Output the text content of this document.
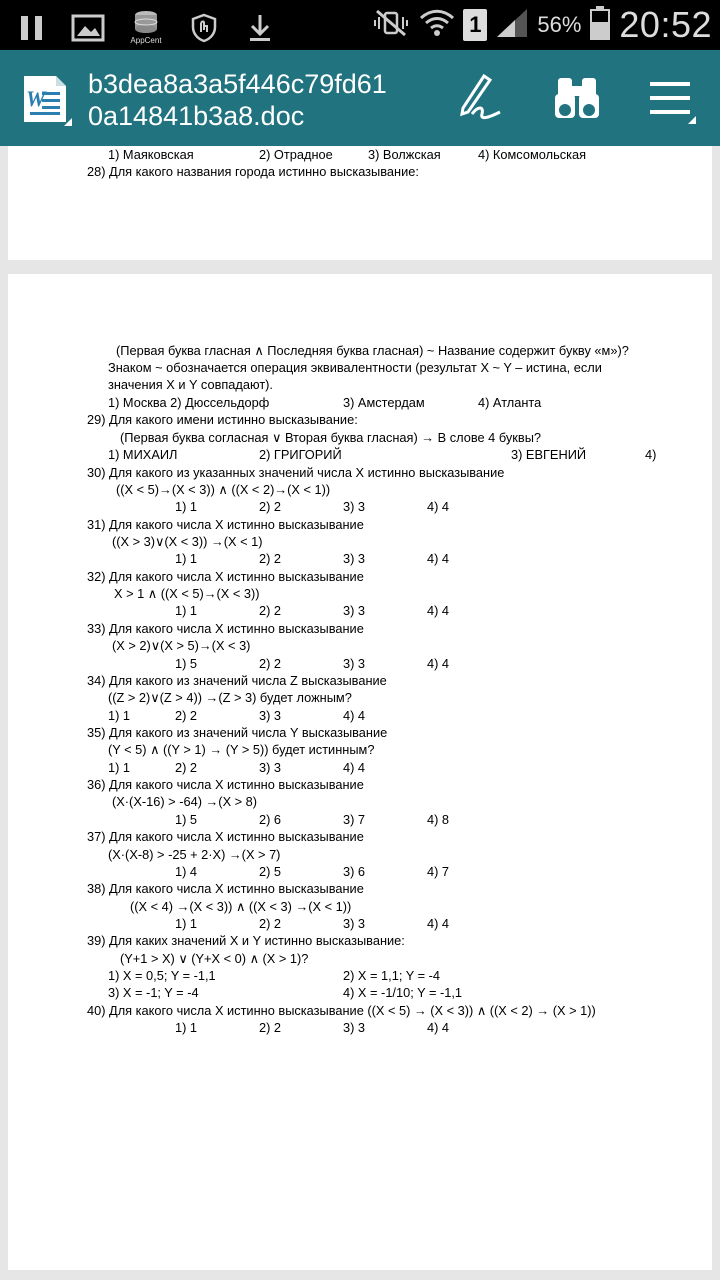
AppCent
1	56% 20:52
W b3dea8a3a5f446c79fd61
0a14841b3a8.doc
1) Маяковская	2) Отрадное	3) Волжская	4) Комсомольская
28) Для какого названия города истинно высказывание:
(Первая буква гласная ∧ Последняя буква гласная) ~ Название содержит букву «м»)?
Знаком ~ обозначается операция эквивалентности (результат X ~ Y – истина, если
значения X и Y совпадают).
1) Москва 2) Дюссельдорф	3) Амстердам	4) Атланта
29) Для какого имени истинно высказывание:
(Первая буква согласная ∨ Вторая буква гласная) → В слове 4 буквы?
1) МИХАИЛ	2) ГРИГОРИЙ	3) ЕВГЕНИЙ	4)
30) Для какого из указанных значений числа X истинно высказывание
((X < 5)→(X < 3)) ∧ ((X < 2)→(X < 1))
1) 1	2) 2	3) 3	4) 4
31) Для какого числа X истинно высказывание
((X > 3)∨(X < 3)) →(X < 1)
1) 1	2) 2	3) 3	4) 4
32) Для какого числа X истинно высказывание
X > 1 ∧ ((X < 5)→(X < 3))
1) 1	2) 2	3) 3	4) 4
33) Для какого числа X истинно высказывание
(X > 2)∨(X > 5)→(X < 3)
1) 5	2) 2	3) 3	4) 4
34) Для какого из значений числа Z высказывание
((Z > 2)∨(Z > 4)) →(Z > 3) будет ложным?
1) 1	2) 2	3) 3	4) 4
35) Для какого из значений числа Y высказывание
(Y < 5) ∧ ((Y > 1) → (Y > 5)) будет истинным?
1) 1	2) 2	3) 3	4) 4
36) Для какого числа X истинно высказывание
(X·(X-16) > -64) →(X > 8)
1) 5	2) 6	3) 7	4) 8
37) Для какого числа X истинно высказывание
(X·(X-8) > -25 + 2·X) →(X > 7)
1) 4	2) 5	3) 6	4) 7
38) Для какого числа X истинно высказывание
((X < 4) →(X < 3)) ∧ ((X < 3) →(X < 1))
1) 1	2) 2	3) 3	4) 4
39) Для каких значений X и Y истинно высказывание:
(Y+1 > X) ∨ (Y+X < 0) ∧ (X > 1)?
1) X = 0,5; Y = -1,1	2) X = 1,1; Y = -4
3) X = -1; Y = -4	4) X = -1/10; Y = -1,1
40) Для какого числа X истинно высказывание ((X < 5) → (X < 3)) ∧ ((X < 2) → (X > 1))
1) 1	2) 2	3) 3	4) 4
